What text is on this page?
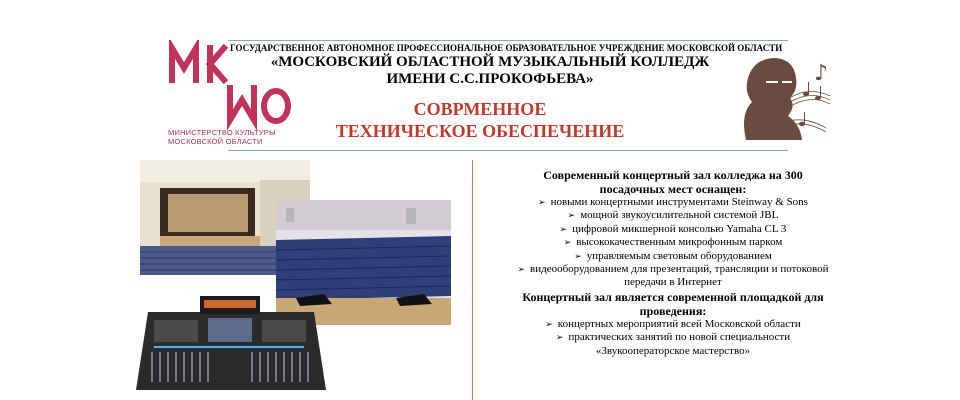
МИНИСТЕРСТВО КУЛЬТУРЫ
МОСКОВСКОЙ ОБЛАСТИ
ГОСУДАРСТВЕННОЕ АВТОНОМНОЕ ПРОФЕССИОНАЛЬНОЕ ОБРАЗОВАТЕЛЬНОЕ УЧРЕЖДЕНИЕ МОСКОВСКОЙ ОБЛАСТИ
«МОСКОВСКИЙ ОБЛАСТНОЙ МУЗЫКАЛЬНЫЙ КОЛЛЕДЖ
ИМЕНИ С.С.ПРОКОФЬЕВА»
СОВРМЕННОЕ
ТЕХНИЧЕСКОЕ ОБЕСПЕЧЕНИЕ
♪
Современный концертный зал колледжа на 300
посадочных мест оснащен:
➢ новыми концертными инструментами Steinway & Sons
➢ мощной звукоусилительной системой JBL
➢ цифровой микшерной консолью Yamaha CL 3
➢ высококачественным микрофонным парком
➢ управляемым световым оборудованием
➢ видеооборудованием для презентаций, трансляции и потоковой
передачи в Интернет
Концертный зал является современной площадкой для
проведения:
➢ концертных мероприятий всей Московской области
➢ практических занятий по новой специальности
«Звукооператорское мастерство»
